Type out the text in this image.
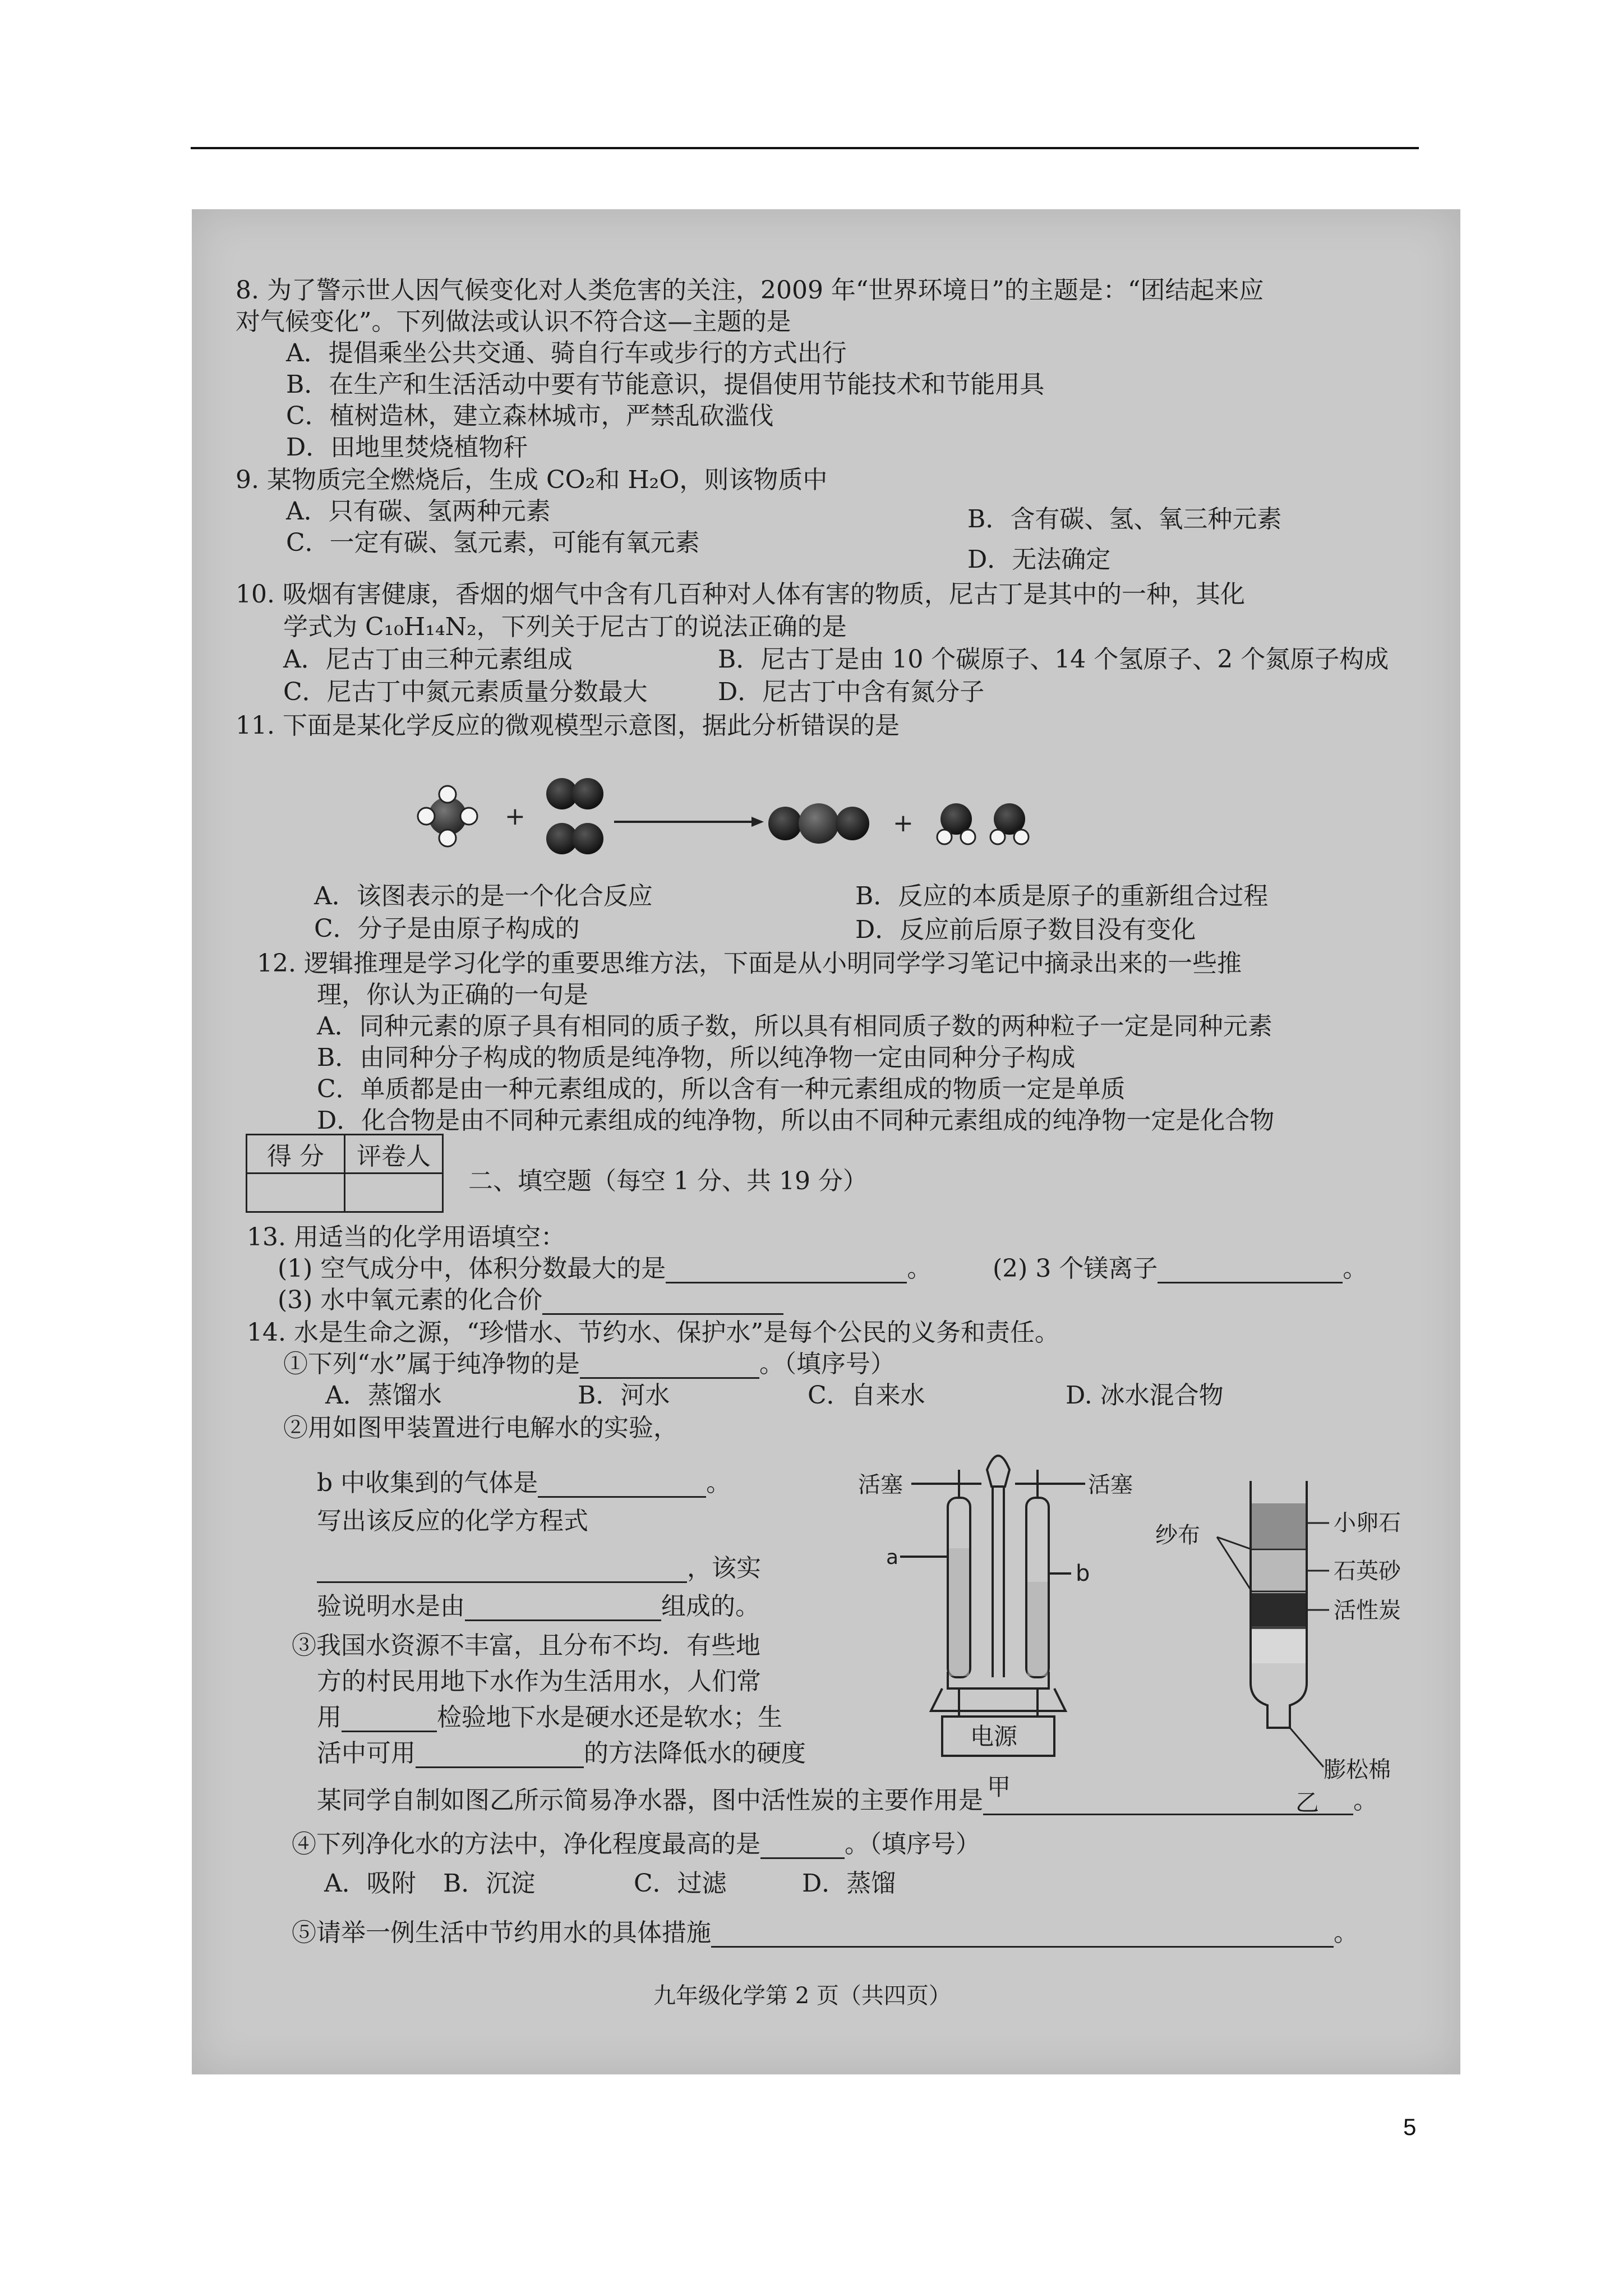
8. 为了警示世人因气候变化对人类危害的关注，2009 年“世界环境日”的主题是：“团结起来应
对气候变化”。下列做法或认识不符合这—主题的是
A．提倡乘坐公共交通、骑自行车或步行的方式出行
B．在生产和生活活动中要有节能意识，提倡使用节能技术和节能用具
C．植树造林，建立森林城市，严禁乱砍滥伐
D．田地里焚烧植物秆
9. 某物质完全燃烧后，生成 CO₂和 H₂O，则该物质中
A．只有碳、氢两种元素	B．含有碳、氢、氧三种元素
C．一定有碳、氢元素，可能有氧元素
D．无法确定
10. 吸烟有害健康，香烟的烟气中含有几百种对人体有害的物质，尼古丁是其中的一种，其化
学式为 C₁₀H₁₄N₂，下列关于尼古丁的说法正确的是
A．尼古丁由三种元素组成	B．尼古丁是由 10 个碳原子、14 个氢原子、2 个氮原子构成
C．尼古丁中氮元素质量分数最大	D．尼古丁中含有氮分子
11. 下面是某化学反应的微观模型示意图，据此分析错误的是
+	+
A．该图表示的是一个化合反应	B．反应的本质是原子的重新组合过程
C．分子是由原子构成的	D．反应前后原子数目没有变化
12. 逻辑推理是学习化学的重要思维方法，下面是从小明同学学习笔记中摘录出来的一些推
理，你认为正确的一句是
A．同种元素的原子具有相同的质子数，所以具有相同质子数的两种粒子一定是同种元素
B．由同种分子构成的物质是纯净物，所以纯净物一定由同种分子构成
C．单质都是由一种元素组成的，所以含有一种元素组成的物质一定是单质
D．化合物是由不同种元素组成的纯净物，所以由不同种元素组成的纯净物一定是化合物
得 分	评卷人

二、填空题（每空 1 分、共 19 分）
13. 用适当的化学用语填空：
(1) 空气成分中，体积分数最大的是	。 (2) 3 个镁离子	。
(3) 水中氧元素的化合价
14. 水是生命之源，“珍惜水、节约水、保护水”是每个公民的义务和责任。
①下列“水”属于纯净物的是	。（填序号）
A．蒸馏水	B．河水	C．自来水	D. 冰水混合物
②用如图甲装置进行电解水的实验，
b 中收集到的气体是	。
写出该反应的化学方程式
，该实
验说明水是由	组成的。
③我国水资源不丰富，且分布不均．有些地
方的村民用地下水作为生活用水，人们常
用	检验地下水是硬水还是软水；生
活中可用	的方法降低水的硬度
某同学自制如图乙所示简易净水器，图中活性炭的主要作用是	。
④下列净化水的方法中，净化程度最高的是	。（填序号）
A．吸附 B．沉淀	C．过滤	D．蒸馏
⑤请举一例生活中节约用水的具体措施	。
活塞	活塞
a
b
电源
甲
纱布	小卵石
石英砂
活性炭
膨松棉
乙
九年级化学第 2 页（共四页）
5
